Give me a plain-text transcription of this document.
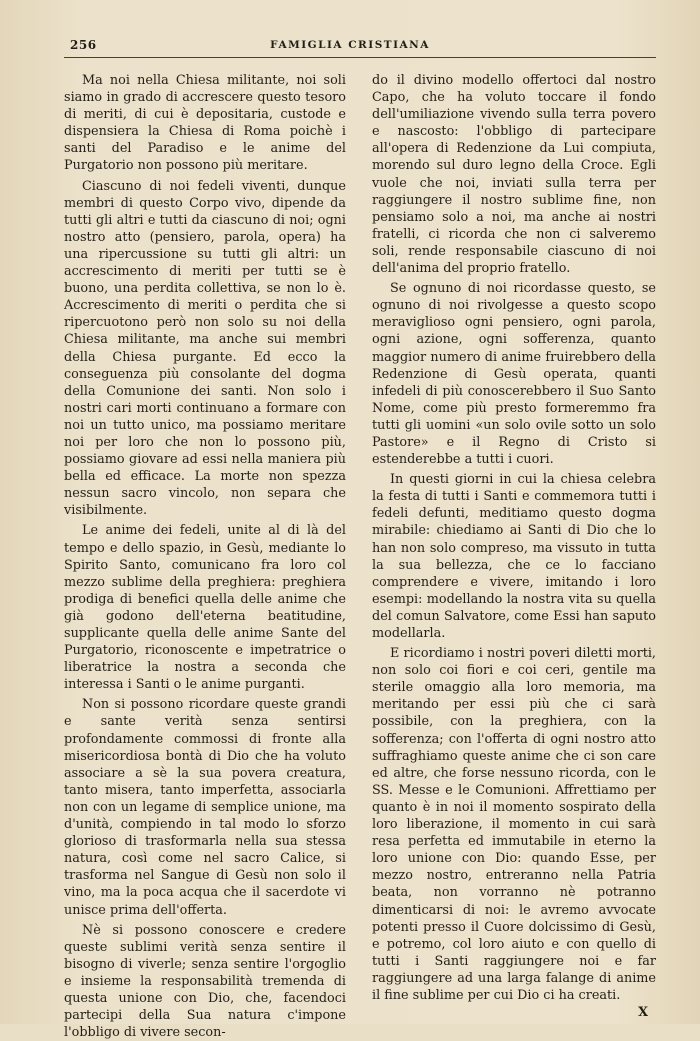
256	FAMIGLIA CRISTIANA

Ma noi nella Chiesa militante, noi soli siamo in grado di accrescere questo tesoro di meriti, di cui è depositaria, custode e dispensiera la Chiesa di Roma poichè i santi del Paradiso e le anime del Purgatorio non possono più meritare.

Ciascuno di noi fedeli viventi, dunque membri di questo Corpo vivo, dipende da tutti gli altri e tutti da ciascuno di noi; ogni nostro atto (pensiero, parola, opera) ha una ripercussione su tutti gli altri: un accrescimento di meriti per tutti se è buono, una perdita collettiva, se non lo è. Accrescimento di meriti o perdita che si ripercuotono però non solo su noi della Chiesa militante, ma anche sui membri della Chiesa purgante. Ed ecco la conseguenza più consolante del dogma della Comunione dei santi. Non solo i nostri cari morti continuano a formare con noi un tutto unico, ma possiamo meritare noi per loro che non lo possono più, possiamo giovare ad essi nella maniera più bella ed efficace. La morte non spezza nessun sacro vincolo, non separa che visibilmente.

Le anime dei fedeli, unite al di là del tempo e dello spazio, in Gesù, mediante lo Spirito Santo, comunicano fra loro col mezzo sublime della preghiera: preghiera prodiga di benefici quella delle anime che già godono dell'eterna beatitudine, supplicante quella delle anime Sante del Purgatorio, riconoscente e impetratrice o liberatrice la nostra a seconda che interessa i Santi o le anime purganti.

Non si possono ricordare queste grandi e sante verità senza sentirsi profondamente commossi di fronte alla misericordiosa bontà di Dio che ha voluto associare a sè la sua povera creatura, tanto misera, tanto imperfetta, associarla non con un legame di semplice unione, ma d'unità, compiendo in tal modo lo sforzo glorioso di trasformarla nella sua stessa natura, così come nel sacro Calice, si trasforma nel Sangue di Gesù non solo il vino, ma la poca acqua che il sacerdote vi unisce prima dell'offerta.

Nè si possono conoscere e credere queste sublimi verità senza sentire il bisogno di viverle; senza sentire l'orgoglio e insieme la responsabilità tremenda di questa unione con Dio, che, facendoci partecipi della Sua natura c'impone l'obbligo di vivere secon-

do il divino modello offertoci dal nostro Capo, che ha voluto toccare il fondo dell'umiliazione vivendo sulla terra povero e nascosto: l'obbligo di partecipare all'opera di Redenzione da Lui compiuta, morendo sul duro legno della Croce. Egli vuole che noi, inviati sulla terra per raggiungere il nostro sublime fine, non pensiamo solo a noi, ma anche ai nostri fratelli, ci ricorda che non ci salveremo soli, rende responsabile ciascuno di noi dell'anima del proprio fratello.

Se ognuno di noi ricordasse questo, se ognuno di noi rivolgesse a questo scopo meraviglioso ogni pensiero, ogni parola, ogni azione, ogni sofferenza, quanto maggior numero di anime fruirebbero della Redenzione di Gesù operata, quanti infedeli di più conoscerebbero il Suo Santo Nome, come più presto formeremmo fra tutti gli uomini «un solo ovile sotto un solo Pastore» e il Regno di Cristo si estenderebbe a tutti i cuori.

In questi giorni in cui la chiesa celebra la festa di tutti i Santi e commemora tutti i fedeli defunti, meditiamo questo dogma mirabile: chiediamo ai Santi di Dio che lo han non solo compreso, ma vissuto in tutta la sua bellezza, che ce lo facciano comprendere e vivere, imitando i loro esempi: modellando la nostra vita su quella del comun Salvatore, come Essi han saputo modellarla.

E ricordiamo i nostri poveri diletti morti, non solo coi fiori e coi ceri, gentile ma sterile omaggio alla loro memoria, ma meritando per essi più che ci sarà possibile, con la preghiera, con la sofferenza; con l'offerta di ogni nostro atto suffraghiamo queste anime che ci son care ed altre, che forse nessuno ricorda, con le SS. Messe e le Comunioni. Affrettiamo per quanto è in noi il momento sospirato della loro liberazione, il momento in cui sarà resa perfetta ed immutabile in eterno la loro unione con Dio: quando Esse, per mezzo nostro, entreranno nella Patria beata, non vorranno nè potranno dimenticarsi di noi: le avremo avvocate potenti presso il Cuore dolcissimo di Gesù, e potremo, col loro aiuto e con quello di tutti i Santi raggiungere noi e far raggiungere ad una larga falange di anime il fine sublime per cui Dio ci ha creati.
X
